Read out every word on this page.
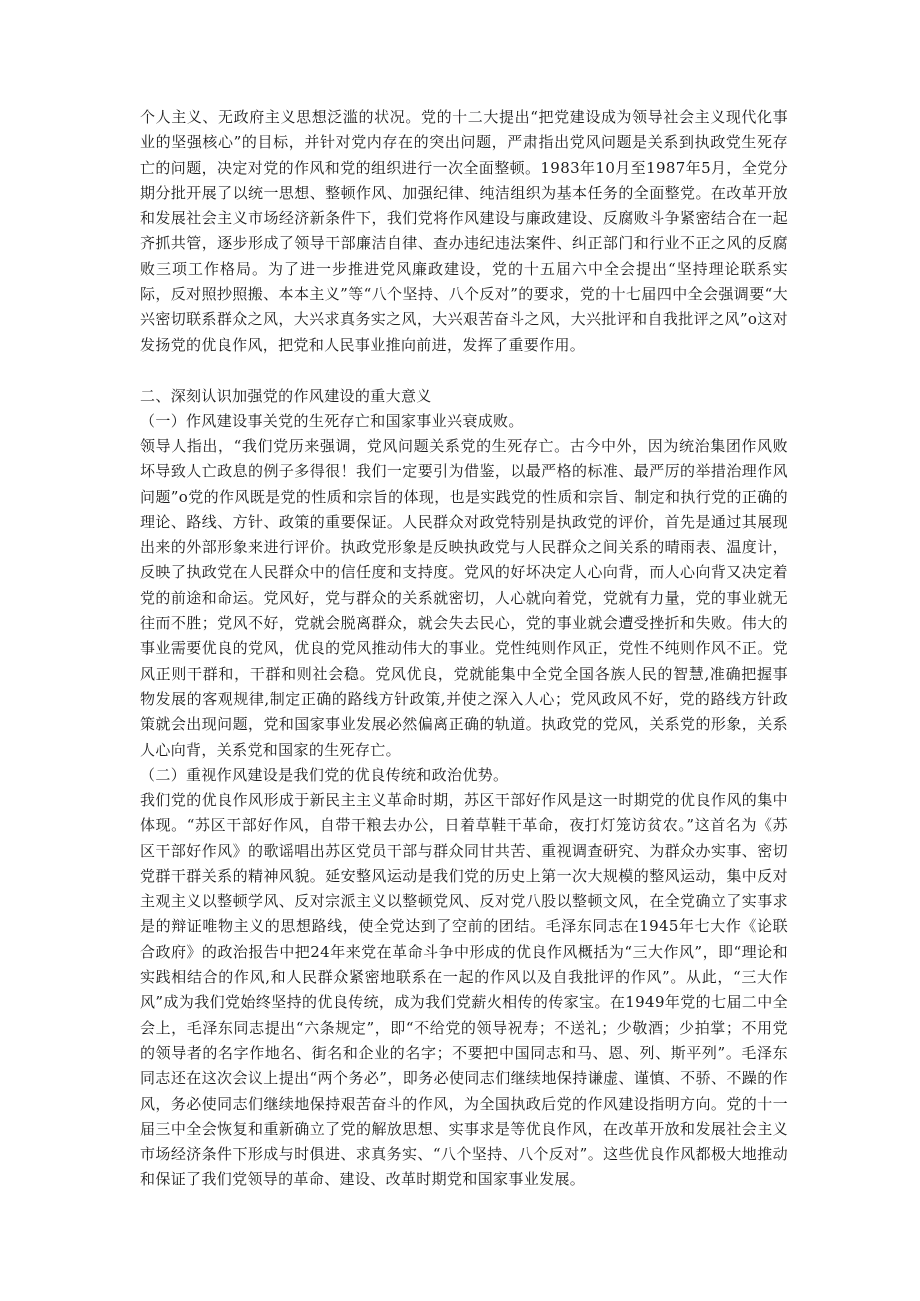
个人主义、无政府主义思想泛滥的状况。党的十二大提出“把党建设成为领导社会主义现代化事业的坚强核心”的目标，并针对党内存在的突出问题，严肃指出党风问题是关系到执政党生死存亡的问题，决定对党的作风和党的组织进行一次全面整顿。1983年10月至1987年5月，全党分期分批开展了以统一思想、整顿作风、加强纪律、纯洁组织为基本任务的全面整党。在改革开放和发展社会主义市场经济新条件下，我们党将作风建设与廉政建设、反腐败斗争紧密结合在一起齐抓共管，逐步形成了领导干部廉洁自律、查办违纪违法案件、纠正部门和行业不正之风的反腐败三项工作格局。为了进一步推进党风廉政建设，党的十五届六中全会提出“坚持理论联系实际，反对照抄照搬、本本主义”等“八个坚持、八个反对”的要求，党的十七届四中全会强调要“大兴密切联系群众之风，大兴求真务实之风，大兴艰苦奋斗之风，大兴批评和自我批评之风”o这对发扬党的优良作风，把党和人民事业推向前进，发挥了重要作用。

二、深刻认识加强党的作风建设的重大意义

（一）作风建设事关党的生死存亡和国家事业兴衰成败。

领导人指出，“我们党历来强调，党风问题关系党的生死存亡。古今中外，因为统治集团作风败坏导致人亡政息的例子多得很！我们一定要引为借鉴，以最严格的标准、最严厉的举措治理作风问题”o党的作风既是党的性质和宗旨的体现，也是实践党的性质和宗旨、制定和执行党的正确的理论、路线、方针、政策的重要保证。人民群众对政党特别是执政党的评价，首先是通过其展现出来的外部形象来进行评价。执政党形象是反映执政党与人民群众之间关系的晴雨表、温度计，反映了执政党在人民群众中的信任度和支持度。党风的好坏决定人心向背，而人心向背又决定着党的前途和命运。党风好，党与群众的关系就密切，人心就向着党，党就有力量，党的事业就无往而不胜；党风不好，党就会脱离群众，就会失去民心，党的事业就会遭受挫折和失败。伟大的事业需要优良的党风，优良的党风推动伟大的事业。党性纯则作风正，党性不纯则作风不正。党风正则干群和，干群和则社会稳。党风优良，党就能集中全党全国各族人民的智慧,准确把握事物发展的客观规律,制定正确的路线方针政策,并使之深入人心；党风政风不好，党的路线方针政策就会出现问题，党和国家事业发展必然偏离正确的轨道。执政党的党风，关系党的形象，关系人心向背，关系党和国家的生死存亡。

（二）重视作风建设是我们党的优良传统和政治优势。

我们党的优良作风形成于新民主主义革命时期，苏区干部好作风是这一时期党的优良作风的集中体现。“苏区干部好作风，自带干粮去办公，日着草鞋干革命，夜打灯笼访贫农。”这首名为《苏区干部好作风》的歌谣唱出苏区党员干部与群众同甘共苦、重视调查研究、为群众办实事、密切党群干群关系的精神风貌。延安整风运动是我们党的历史上第一次大规模的整风运动，集中反对主观主义以整顿学风、反对宗派主义以整顿党风、反对党八股以整顿文风，在全党确立了实事求是的辩证唯物主义的思想路线，使全党达到了空前的团结。毛泽东同志在1945年七大作《论联合政府》的政治报告中把24年来党在革命斗争中形成的优良作风概括为“三大作风”，即“理论和实践相结合的作风,和人民群众紧密地联系在一起的作风以及自我批评的作风”。从此，“三大作风”成为我们党始终坚持的优良传统，成为我们党薪火相传的传家宝。在1949年党的七届二中全会上，毛泽东同志提出“六条规定”，即“不给党的领导祝寿；不送礼；少敬酒；少拍掌；不用党的领导者的名字作地名、街名和企业的名字；不要把中国同志和马、恩、列、斯平列”。毛泽东同志还在这次会议上提出“两个务必”，即务必使同志们继续地保持谦虚、谨慎、不骄、不躁的作风，务必使同志们继续地保持艰苦奋斗的作风，为全国执政后党的作风建设指明方向。党的十一届三中全会恢复和重新确立了党的解放思想、实事求是等优良作风，在改革开放和发展社会主义市场经济条件下形成与时俱进、求真务实、“八个坚持、八个反对”。这些优良作风都极大地推动和保证了我们党领导的革命、建设、改革时期党和国家事业发展。
